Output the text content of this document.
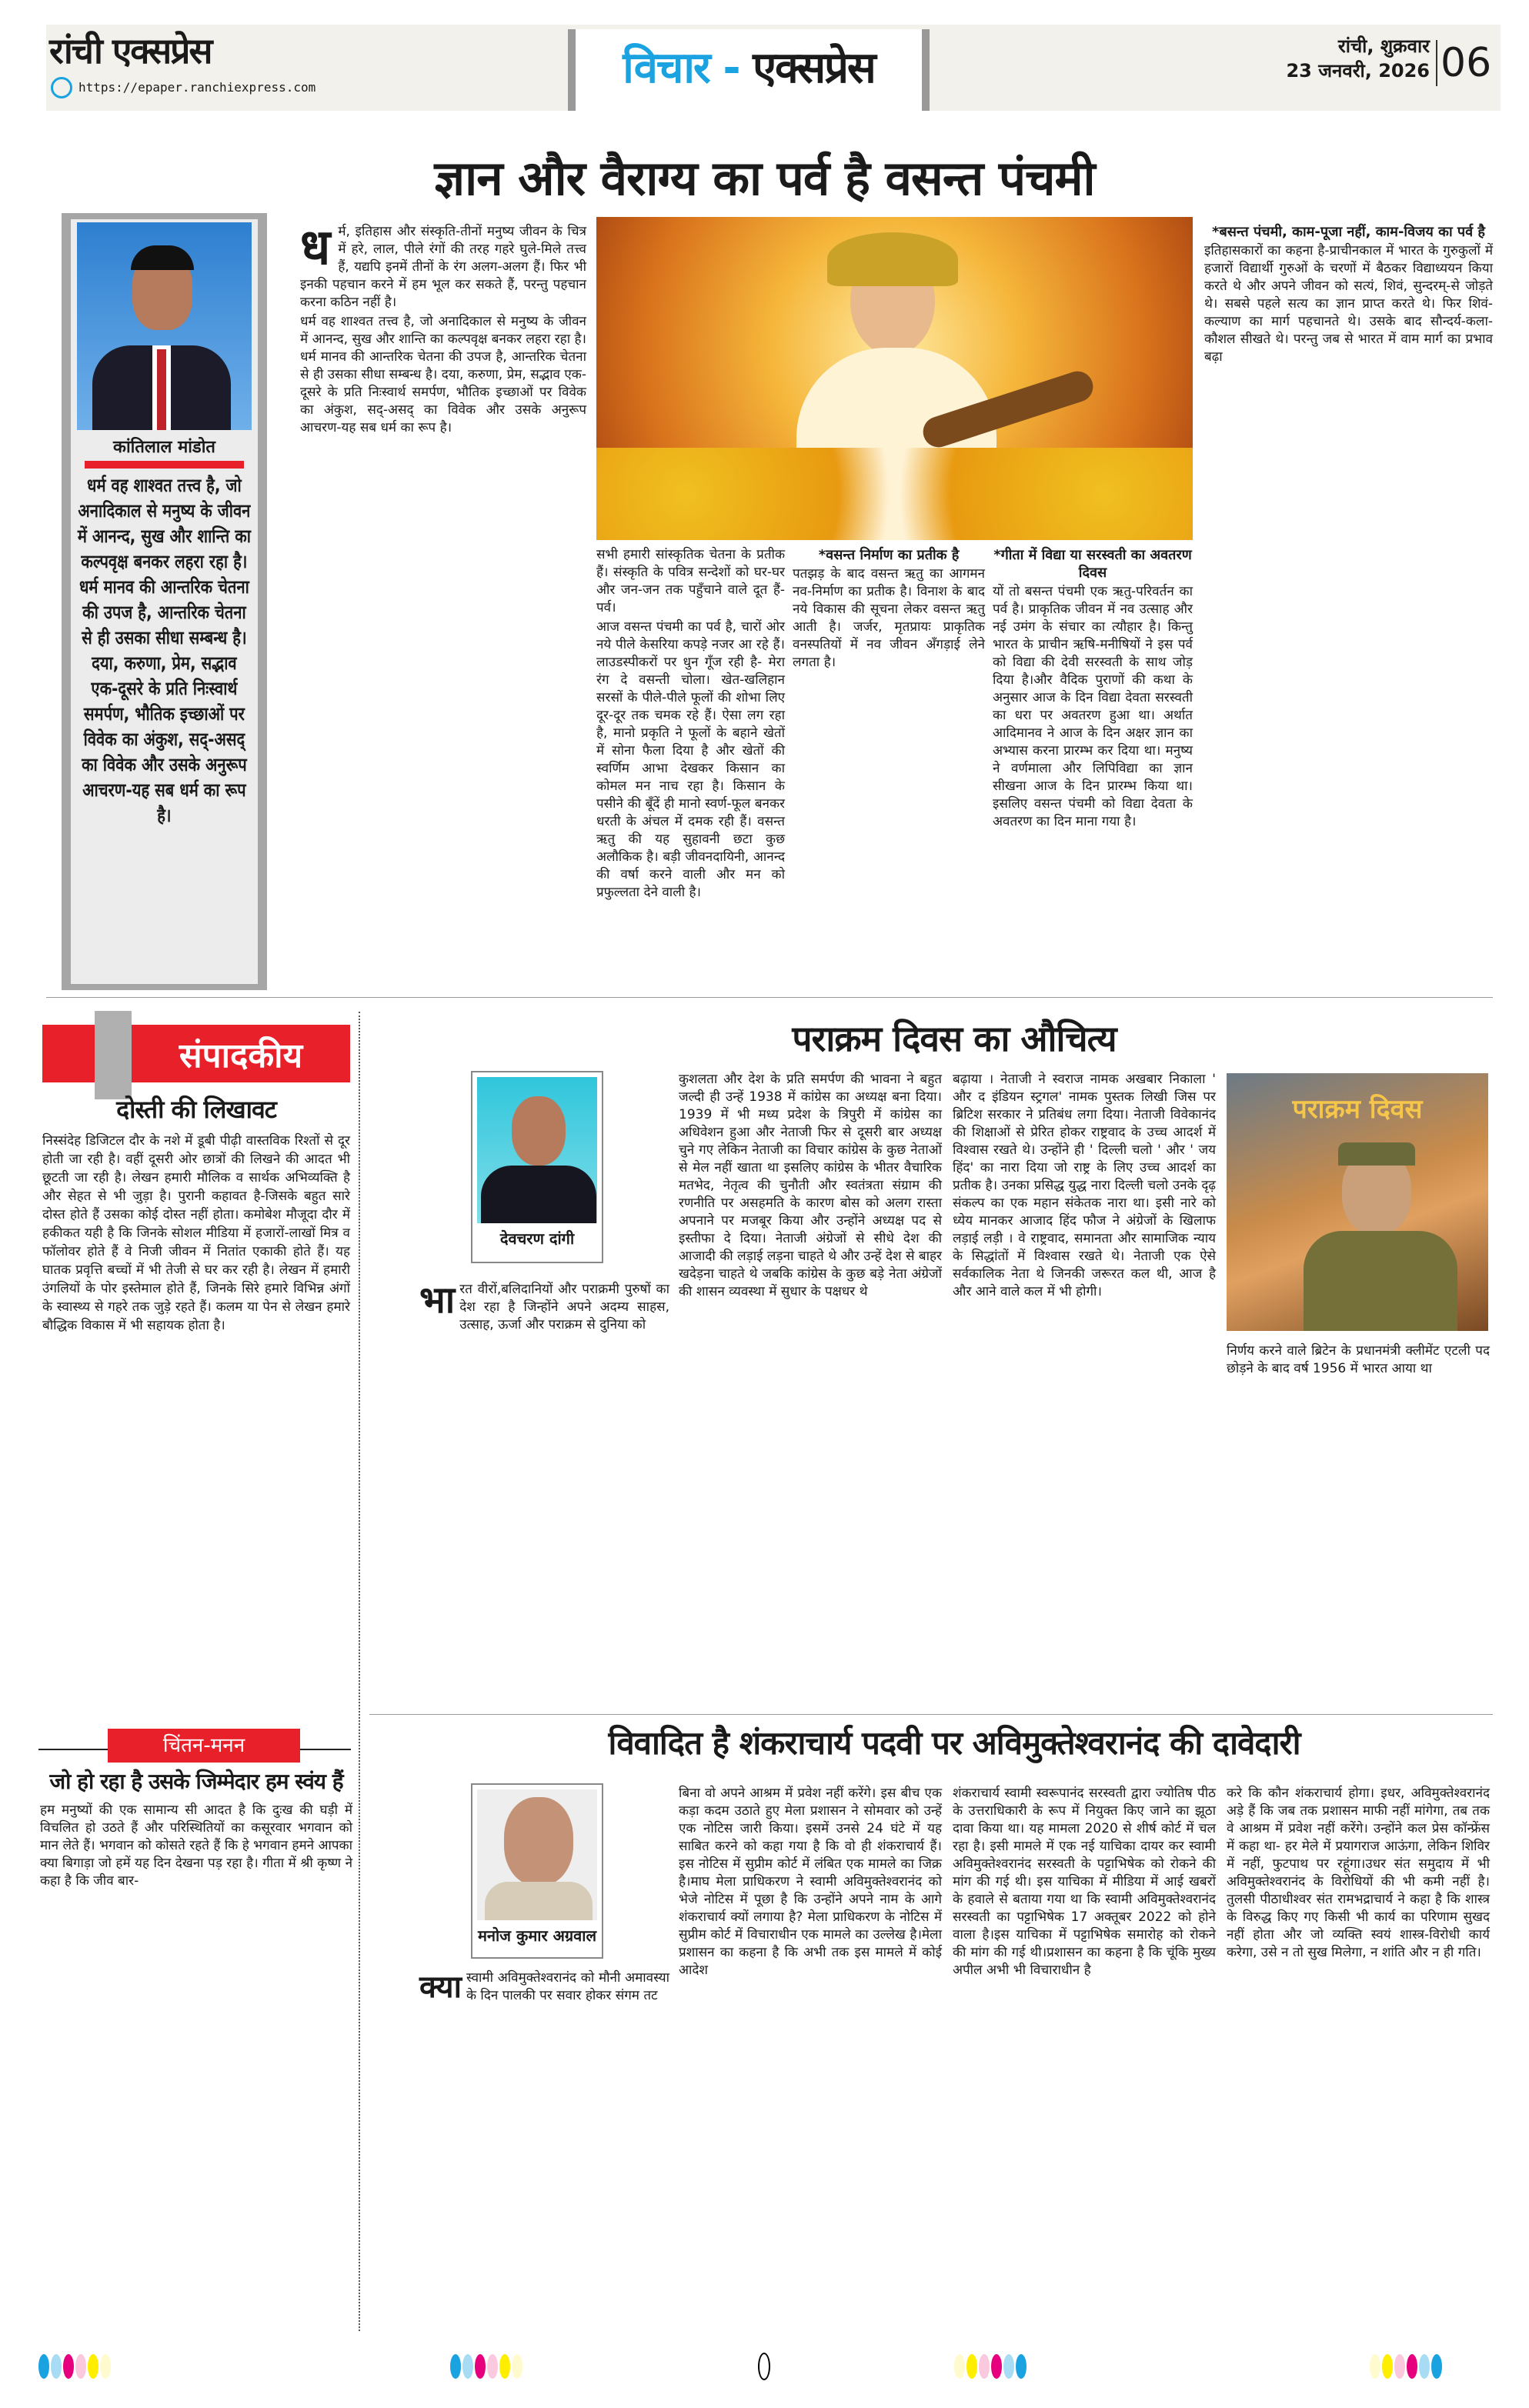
रांची एक्सप्रेस
https://epaper.ranchiexpress.com	विचार - एक्सप्रेस	रांची, शुक्रवार
23 जनवरी, 2026 06
ज्ञान और वैराग्य का पर्व है वसन्त पंचमी
कांतिलाल मांडोत
धर्म वह शाश्वत तत्त्व है, जो अनादिकाल से मनुष्य के जीवन में आनन्द, सुख और शान्ति का कल्पवृक्ष बनकर लहरा रहा है। धर्म मानव की आन्तरिक चेतना की उपज है, आन्तरिक चेतना से ही उसका सीधा सम्बन्ध है। दया, करुणा, प्रेम, सद्भाव एक-दूसरे के प्रति निःस्वार्थ समर्पण, भौतिक इच्छाओं पर विवेक का अंकुश, सद्-असद् का विवेक और उसके अनुरूप आचरण-यह सब धर्म का रूप है।
ध र्म, इतिहास और संस्कृति-तीनों मनुष्य जीवन के चित्र में हरे, लाल, पीले रंगों की तरह गहरे घुले-मिले तत्त्व हैं, यद्यपि इनमें तीनों के रंग अलग-अलग हैं। फिर भी इनकी पहचान करने में हम भूल कर सकते हैं, परन्तु पहचान करना कठिन नहीं है।

धर्म वह शाश्वत तत्त्व है, जो अनादिकाल से मनुष्य के जीवन में आनन्द, सुख और शान्ति का कल्पवृक्ष बनकर लहरा रहा है। धर्म मानव की आन्तरिक चेतना की उपज है, आन्तरिक चेतना से ही उसका सीधा सम्बन्ध है। दया, करुणा, प्रेम, सद्भाव एक-दूसरे के प्रति निःस्वार्थ समर्पण, भौतिक इच्छाओं पर विवेक का अंकुश, सद्-असद् का विवेक और उसके अनुरूप आचरण-यह सब धर्म का रूप है।

सभी हमारी सांस्कृतिक चेतना के प्रतीक हैं। संस्कृति के पवित्र सन्देशों को घर-घर और जन-जन तक पहुँचाने वाले दूत हैं-पर्व।

आज वसन्त पंचमी का पर्व है, चारों ओर नये पीले केसरिया कपड़े नजर आ रहे हैं। लाउडस्पीकरों पर धुन गूँज रही है- मेरा रंग दे वसन्ती चोला। खेत-खलिहान सरसों के पीले-पीले फूलों की शोभा लिए दूर-दूर तक चमक रहे हैं। ऐसा लग रहा है, मानो प्रकृति ने फूलों के बहाने खेतों में सोना फैला दिया है और खेतों की स्वर्णिम आभा देखकर किसान का कोमल मन नाच रहा है। किसान के पसीने की बूँदें ही मानो स्वर्ण-फूल बनकर धरती के अंचल में दमक रही हैं। वसन्त ऋतु की यह सुहावनी छटा कुछ अलौकिक है। बड़ी जीवनदायिनी, आनन्द की वर्षा करने वाली और मन को प्रफुल्लता देने वाली है।

*वसन्त निर्माण का प्रतीक है

पतझड़ के बाद वसन्त ऋतु का आगमन नव-निर्माण का प्रतीक है। विनाश के बाद नये विकास की सूचना लेकर वसन्त ऋतु आती है। जर्जर, मृतप्रायः प्राकृतिक वनस्पतियों में नव जीवन अँगड़ाई लेने लगता है।

*गीता में विद्या या सरस्वती का अवतरण दिवस

यों तो बसन्त पंचमी एक ऋतु-परिवर्तन का पर्व है। प्राकृतिक जीवन में नव उत्साह और नई उमंग के संचार का त्यौहार है। किन्तु भारत के प्राचीन ऋषि-मनीषियों ने इस पर्व को विद्या की देवी सरस्वती के साथ जोड़ दिया है।और वैदिक पुराणों की कथा के अनुसार आज के दिन विद्या देवता सरस्वती का धरा पर अवतरण हुआ था। अर्थात आदिमानव ने आज के दिन अक्षर ज्ञान का अभ्यास करना प्रारम्भ कर दिया था। मनुष्य ने वर्णमाला और लिपिविद्या का ज्ञान सीखना आज के दिन प्रारम्भ किया था। इसलिए वसन्त पंचमी को विद्या देवता के अवतरण का दिन माना गया है।

*बसन्त पंचमी, काम-पूजा नहीं, काम-विजय का पर्व है

इतिहासकारों का कहना है-प्राचीनकाल में भारत के गुरुकुलों में हजारों विद्यार्थी गुरुओं के चरणों में बैठकर विद्याध्ययन किया करते थे और अपने जीवन को सत्यं, शिवं, सुन्दरम्-से जोड़ते थे। सबसे पहले सत्य का ज्ञान प्राप्त करते थे। फिर शिवं-कल्याण का मार्ग पहचानते थे। उसके बाद सौन्दर्य-कला-कौशल सीखते थे। परन्तु जब से भारत में वाम मार्ग का प्रभाव बढ़ा

संपादकीय
दोस्ती की लिखावट
निस्संदेह डिजिटल दौर के नशे में डूबी पीढ़ी वास्तविक रिश्तों से दूर होती जा रही है। वहीं दूसरी ओर छात्रों की लिखने की आदत भी छूटती जा रही है। लेखन हमारी मौलिक व सार्थक अभिव्यक्ति है और सेहत से भी जुड़ा है। पुरानी कहावत है-जिसके बहुत सारे दोस्त होते हैं उसका कोई दोस्त नहीं होता। कमोबेश मौजूदा दौर में हकीकत यही है कि जिनके सोशल मीडिया में हजारों-लाखों मित्र व फॉलोवर होते हैं वे निजी जीवन में नितांत एकाकी होते हैं। यह घातक प्रवृत्ति बच्चों में भी तेजी से घर कर रही है। लेखन में हमारी उंगलियों के पोर इस्तेमाल होते हैं, जिनके सिरे हमारे विभिन्न अंगों के स्वास्थ्य से गहरे तक जुड़े रहते हैं। कलम या पेन से लेखन हमारे बौद्धिक विकास में भी सहायक होता है।
चिंतन-मनन
जो हो रहा है उसके जिम्मेदार हम स्वंय हैं
हम मनुष्यों की एक सामान्य सी आदत है कि दुःख की घड़ी में विचलित हो उठते हैं और परिस्थितियों का कसूरवार भगवान को मान लेते हैं। भगवान को कोसते रहते हैं कि हे भगवान हमने आपका क्या बिगाड़ा जो हमें यह दिन देखना पड़ रहा है। गीता में श्री कृष्ण ने कहा है कि जीव बार-
पराक्रम दिवस का औचित्य
देवचरण दांगी
भा रत वीरों,बलिदानियों और पराक्रमी पुरुषों का देश रहा है जिन्होंने अपने अदम्य साहस, उत्साह, ऊर्जा और पराक्रम से दुनिया को
कुशलता और देश के प्रति समर्पण की भावना ने बहुत जल्दी ही उन्हें 1938 में कांग्रेस का अध्यक्ष बना दिया। 1939 में भी मध्य प्रदेश के त्रिपुरी में कांग्रेस का अधिवेशन हुआ और नेताजी फिर से दूसरी बार अध्यक्ष चुने गए लेकिन नेताजी का विचार कांग्रेस के कुछ नेताओं से मेल नहीं खाता था इसलिए कांग्रेस के भीतर वैचारिक मतभेद, नेतृत्व की चुनौती और स्वतंत्रता संग्राम की रणनीति पर असहमति के कारण बोस को अलग रास्ता अपनाने पर मजबूर किया और उन्होंने अध्यक्ष पद से इस्तीफा दे दिया। नेताजी अंग्रेजों से सीधे देश की आजादी की लड़ाई लड़ना चाहते थे और उन्हें देश से बाहर खदेड़ना चाहते थे जबकि कांग्रेस के कुछ बड़े नेता अंग्रेजों की शासन व्यवस्था में सुधार के पक्षधर थे
बढ़ाया । नेताजी ने स्वराज नामक अखबार निकाला ' और द इंडियन स्ट्रगल' नामक पुस्तक लिखी जिस पर ब्रिटिश सरकार ने प्रतिबंध लगा दिया। नेताजी विवेकानंद की शिक्षाओं से प्रेरित होकर राष्ट्रवाद के उच्च आदर्श में विश्वास रखते थे। उन्होंने ही ' दिल्ली चलो ' और ' जय हिंद' का नारा दिया जो राष्ट्र के लिए उच्च आदर्श का प्रतीक है। उनका प्रसिद्ध युद्ध नारा दिल्ली चलो उनके दृढ़ संकल्प का एक महान संकेतक नारा था। इसी नारे को ध्येय मानकर आजाद हिंद फौज ने अंग्रेजों के खिलाफ लड़ाई लड़ी । वे राष्ट्रवाद, समानता और सामाजिक न्याय के सिद्धांतों में विश्वास रखते थे। नेताजी एक ऐसे सर्वकालिक नेता थे जिनकी जरूरत कल थी, आज है और आने वाले कल में भी होगी।
पराक्रम दिवस
निर्णय करने वाले ब्रिटेन के प्रधानमंत्री क्लीमेंट एटली पद छोड़ने के बाद वर्ष 1956 में भारत आया था
विवादित है शंकराचार्य पदवी पर अविमुक्तेश्वरानंद की दावेदारी
मनोज कुमार अग्रवाल
क्या स्वामी अविमुक्तेश्वरानंद को मौनी अमावस्या के दिन पालकी पर सवार होकर संगम तट
बिना वो अपने आश्रम में प्रवेश नहीं करेंगे। इस बीच एक कड़ा कदम उठाते हुए मेला प्रशासन ने सोमवार को उन्हें एक नोटिस जारी किया। इसमें उनसे 24 घंटे में यह साबित करने को कहा गया है कि वो ही शंकराचार्य हैं। इस नोटिस में सुप्रीम कोर्ट में लंबित एक मामले का जिक्र है।माघ मेला प्राधिकरण ने स्वामी अविमुक्तेश्वरानंद को भेजे नोटिस में पूछा है कि उन्होंने अपने नाम के आगे शंकराचार्य क्यों लगाया है? मेला प्राधिकरण के नोटिस में सुप्रीम कोर्ट में विचाराधीन एक मामले का उल्लेख है।मेला प्रशासन का कहना है कि अभी तक इस मामले में कोई आदेश
शंकराचार्य स्वामी स्वरूपानंद सरस्वती द्वारा ज्योतिष पीठ के उत्तराधिकारी के रूप में नियुक्त किए जाने का झूठा दावा किया था। यह मामला 2020 से शीर्ष कोर्ट में चल रहा है। इसी मामले में एक नई याचिका दायर कर स्वामी अविमुक्तेश्वरानंद सरस्वती के पट्टाभिषेक को रोकने की मांग की गई थी। इस याचिका में मीडिया में आई खबरों के हवाले से बताया गया था कि स्वामी अविमुक्तेश्वरानंद सरस्वती का पट्टाभिषेक 17 अक्तूबर 2022 को होने वाला है।इस याचिका में पट्टाभिषेक समारोह को रोकने की मांग की गई थी।प्रशासन का कहना है कि चूंकि मुख्य अपील अभी भी विचाराधीन है
करे कि कौन शंकराचार्य होगा। इधर, अविमुक्तेश्वरानंद अड़े हैं कि जब तक प्रशासन माफी नहीं मांगेगा, तब तक वे आश्रम में प्रवेश नहीं करेंगे। उन्होंने कल प्रेस कॉन्फ्रेंस में कहा था- हर मेले में प्रयागराज आऊंगा, लेकिन शिविर में नहीं, फुटपाथ पर रहूंगा।उधर संत समुदाय में भी अविमुक्तेश्वरानंद के विरोधियों की भी कमी नहीं है। तुलसी पीठाधीश्वर संत रामभद्राचार्य ने कहा है कि शास्त्र के विरुद्ध किए गए किसी भी कार्य का परिणाम सुखद नहीं होता और जो व्यक्ति स्वयं शास्त्र-विरोधी कार्य करेगा, उसे न तो सुख मिलेगा, न शांति और न ही गति।
